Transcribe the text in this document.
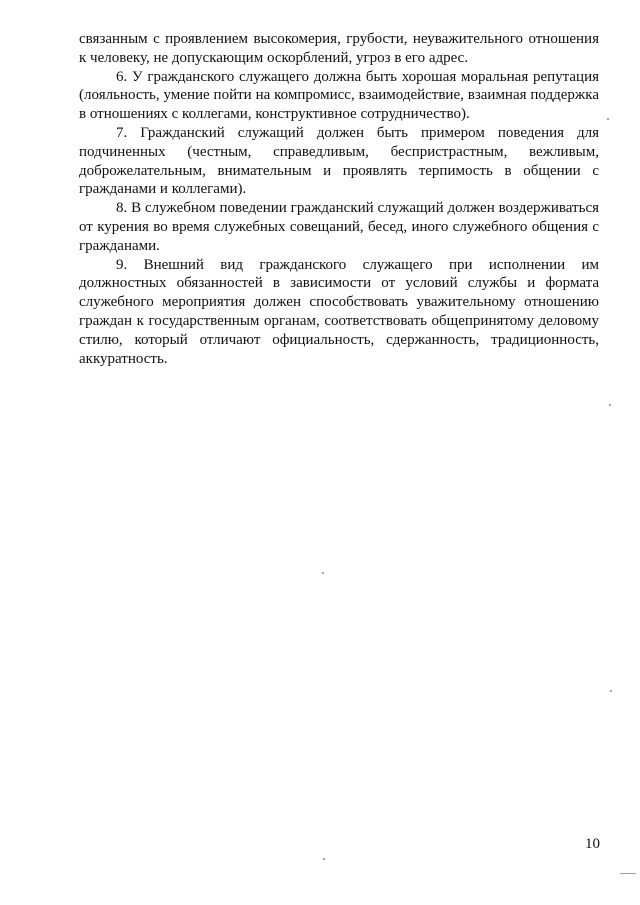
связанным с проявлением высокомерия, грубости, неуважительного отношения к человеку, не допускающим оскорблений, угроз в его адрес.

6. У гражданского служащего должна быть хорошая моральная репутация (лояльность, умение пойти на компромисс, взаимодействие, взаимная поддержка в отношениях с коллегами, конструктивное сотрудничество).

7. Гражданский служащий должен быть примером поведения для подчиненных (честным, справедливым, беспристрастным, вежливым, доброжелательным, внимательным и проявлять терпимость в общении с гражданами и коллегами).

8. В служебном поведении гражданский служащий должен воздерживаться от курения во время служебных совещаний, бесед, иного служебного общения с гражданами.

9. Внешний вид гражданского служащего при исполнении им должностных обязанностей в зависимости от условий службы и формата служебного мероприятия должен способствовать уважительному отношению граждан к государственным органам, соответствовать общепринятому деловому стилю, который отличают официальность, сдержанность, традиционность, аккуратность.

10
